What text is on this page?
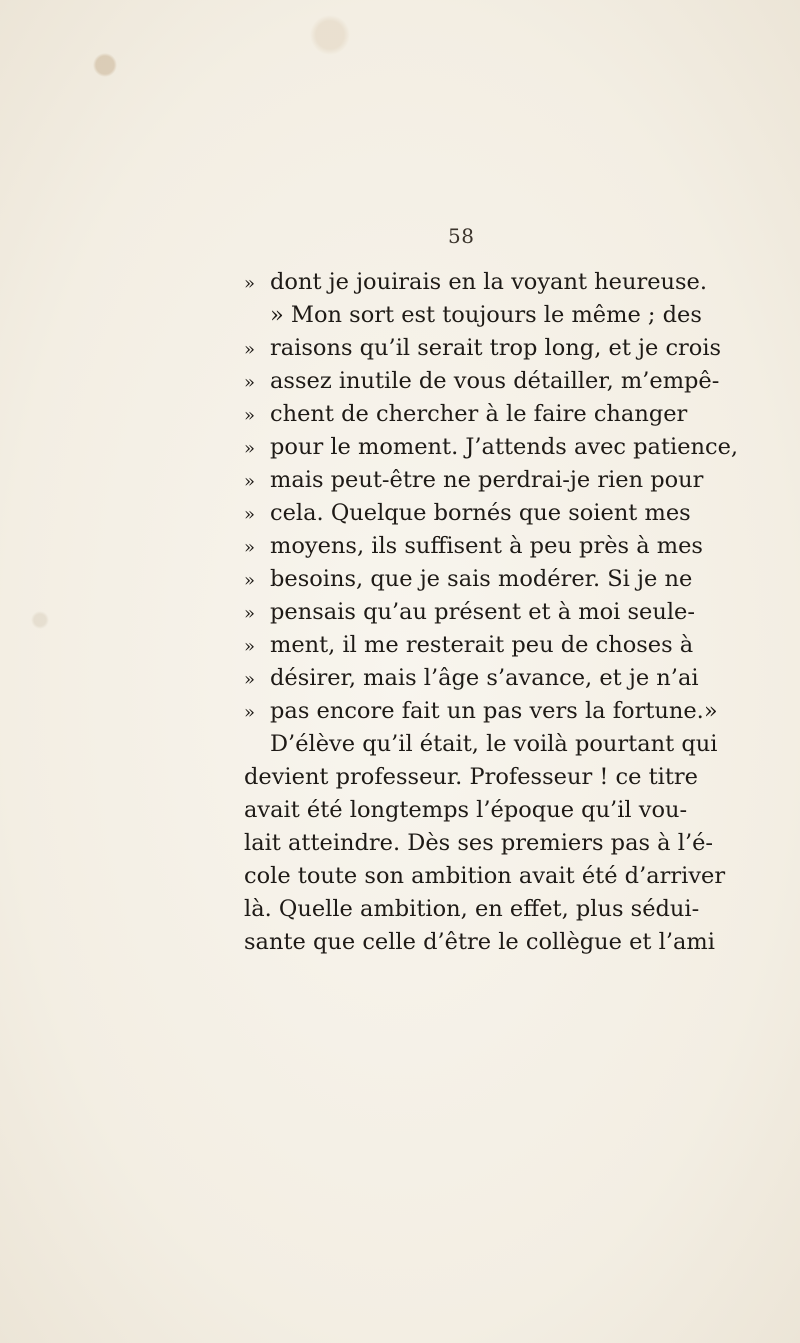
58
» dont je jouirais en la voyant heureuse.
» Mon sort est toujours le même ; des
» raisons qu’il serait trop long, et je crois
» assez inutile de vous détailler, m’empê-
» chent de chercher à le faire changer
» pour le moment. J’attends avec patience,
» mais peut-être ne perdrai-je rien pour
» cela. Quelque bornés que soient mes
» moyens, ils suffisent à peu près à mes
» besoins, que je sais modérer. Si je ne
» pensais qu’au présent et à moi seule-
» ment, il me resterait peu de choses à
» désirer, mais l’âge s’avance, et je n’ai
» pas encore fait un pas vers la fortune.»
D’élève qu’il était, le voilà pourtant qui
devient professeur. Professeur ! ce titre
avait été longtemps l’époque qu’il vou-
lait atteindre. Dès ses premiers pas à l’é-
cole toute son ambition avait été d’arriver
là. Quelle ambition, en effet, plus sédui-
sante que celle d’être le collègue et l’ami
